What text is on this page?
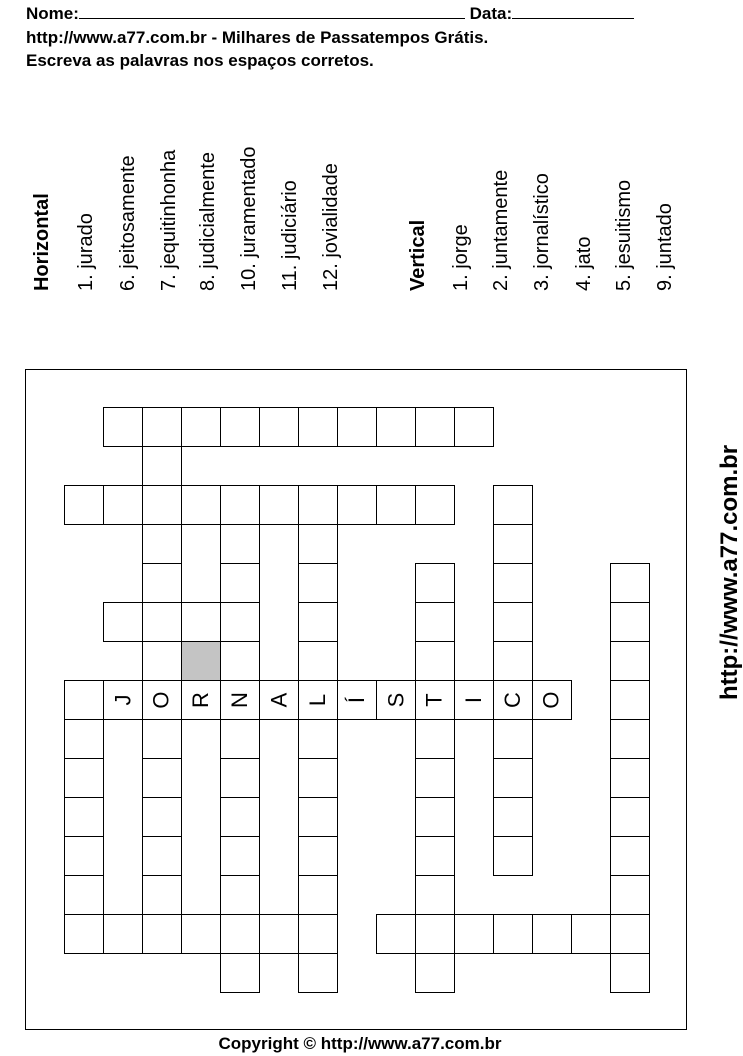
Nome:	Data:
http://www.a77.com.br - Milhares de Passatempos Grátis.
Escreva as palavras nos espaços corretos.
Horizontal 1. jurado 6. jeitosamente 7. jequitinhonha 8. judicialmente 10. juramentado 11. judiciário 12. jovialidade	Vertical 1. jorge 2. juntamente 3. jornalístico 4. jato 5. jesuitismo 9. juntado
J O R N A L Í S T I C O	http://www.a77.com.br
Copyright © http://www.a77.com.br
